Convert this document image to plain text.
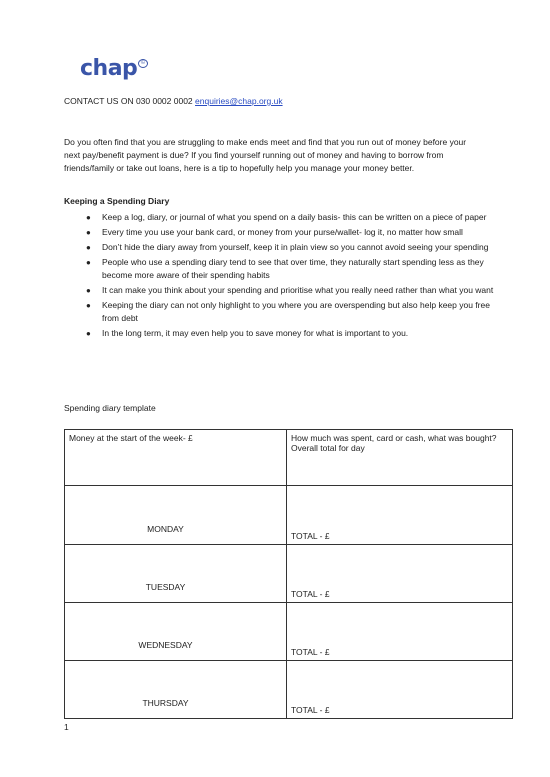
chap ©
CONTACT US ON 030 0002 0002 enquiries@chap.org.uk
Do you often find that you are struggling to make ends meet and find that you run out of money before your next pay/benefit payment is due? If you find yourself running out of money and having to borrow from friends/family or take out loans, here is a tip to hopefully help you manage your money better.
Keeping a Spending Diary
● Keep a log, diary, or journal of what you spend on a daily basis- this can be written on a piece of paper
● Every time you use your bank card, or money from your purse/wallet- log it, no matter how small
● Don’t hide the diary away from yourself, keep it in plain view so you cannot avoid seeing your spending
● People who use a spending diary tend to see that over time, they naturally start spending less as they become more aware of their spending habits
● It can make you think about your spending and prioritise what you really need rather than what you want
● Keeping the diary can not only highlight to you where you are overspending but also help keep you free from debt
● In the long term, it may even help you to save money for what is important to you.
Spending diary template
Money at the start of the week- £	How much was spent, card or cash, what was bought?
Overall total for day

MONDAY	TOTAL - £
TUESDAY	TOTAL - £
WEDNESDAY	TOTAL - £
THURSDAY	TOTAL - £
1
